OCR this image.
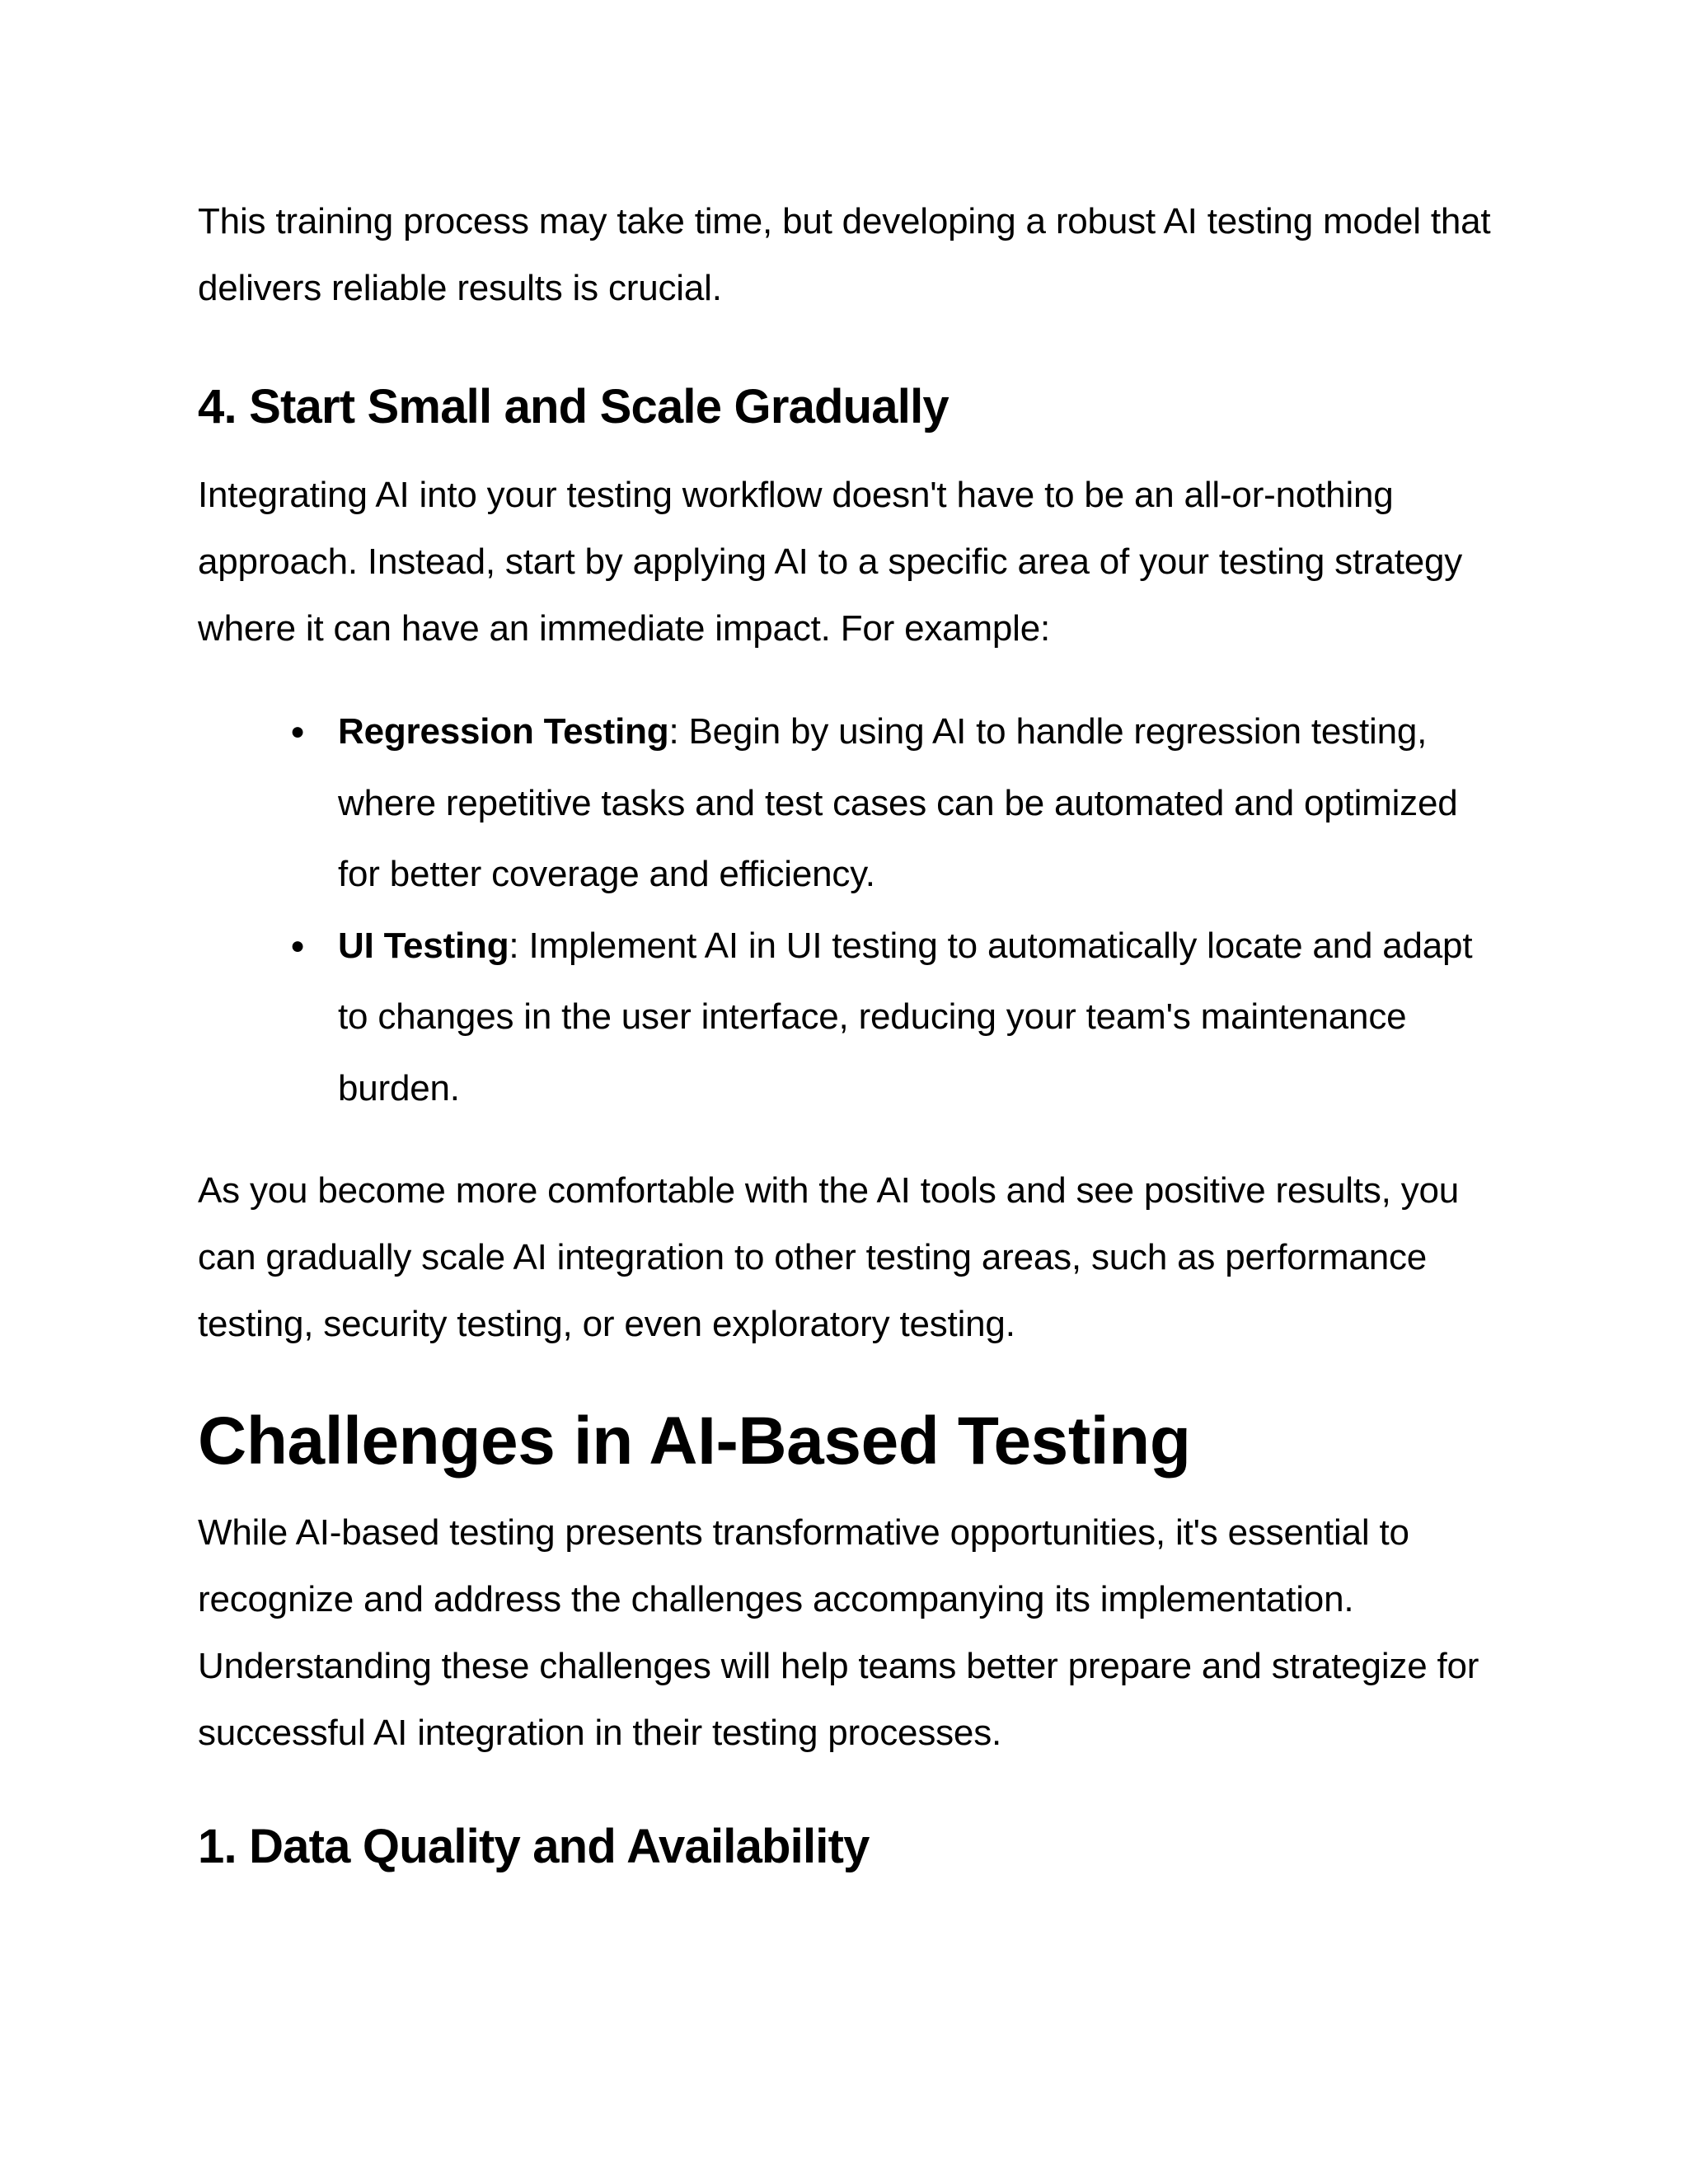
This training process may take time, but developing a robust AI testing model that delivers reliable results is crucial.

4. Start Small and Scale Gradually

Integrating AI into your testing workflow doesn't have to be an all-or-nothing approach. Instead, start by applying AI to a specific area of your testing strategy where it can have an immediate impact. For example:

● Regression Testing: Begin by using AI to handle regression testing, where repetitive tasks and test cases can be automated and optimized for better coverage and efficiency.
● UI Testing: Implement AI in UI testing to automatically locate and adapt to changes in the user interface, reducing your team's maintenance burden.

As you become more comfortable with the AI tools and see positive results, you can gradually scale AI integration to other testing areas, such as performance testing, security testing, or even exploratory testing.

Challenges in AI-Based Testing

While AI-based testing presents transformative opportunities, it's essential to recognize and address the challenges accompanying its implementation. Understanding these challenges will help teams better prepare and strategize for successful AI integration in their testing processes.

1. Data Quality and Availability
